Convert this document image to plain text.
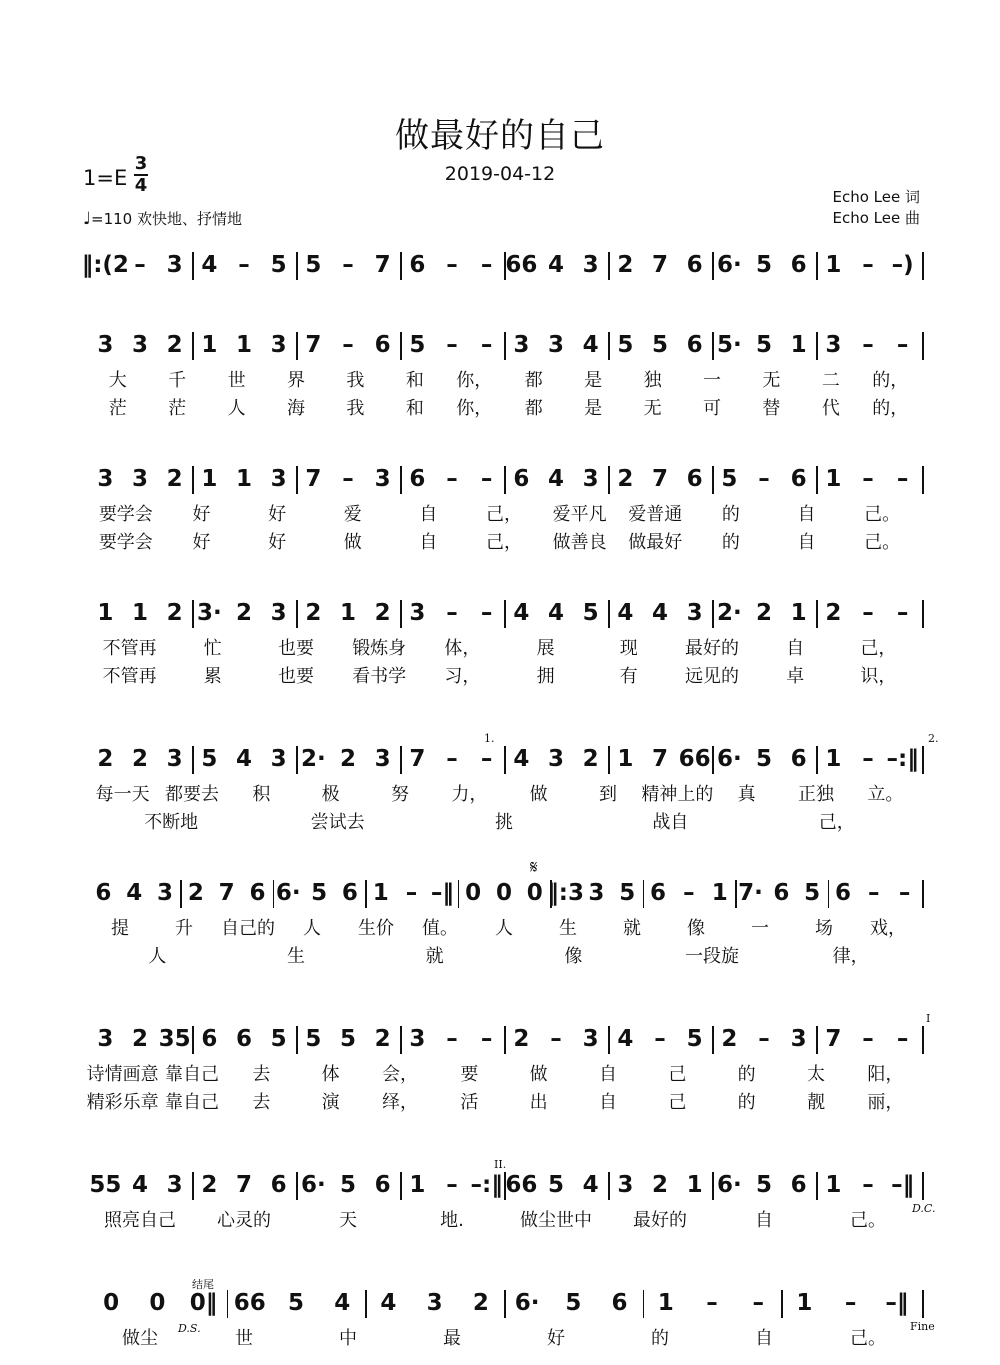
做最好的自己
2019-04-12
1=E
3
4
♩=110 欢快地、抒情地
Echo Lee 词
Echo Lee 曲
‖:(2 – 3 4 – 5 5 – 7 6 – – 66 4 3 2 7 6 6· 5 6 1 – –)
3 3 2 1 1 3 7 – 6 5 – – 3 3 4 5 5 6 5· 5 1 3 – –
大 千 世 界 我 和 你， 都 是 独 一 无 二 的，
茫 茫 人 海 我 和 你， 都 是 无 可 替 代 的，
3 3 2 1 1 3 7 – 3 6 – – 6 4 3 2 7 6 5 – 6 1 – –
要学会 好	好	爱	自	己， 爱平凡 爱普通 的	自	己。
要学会 好	好	做	自	己， 做善良 做最好 的	自	己。
1 1 2 3· 2 3 2 1 2 3 – – 4 4 5 4 4 3 2· 2 1 2 – –
不管再	忙	也要 锻炼身 体，	展	现	最好的	自	己，
不管再	累	也要 看书学 习，	拥	有	远见的	卓	识，
2 2 3 5 4 3 2· 2 3 7 – – 4 3 2 1 7 66 6· 5 6 1 – –:‖
每一天 都要去 积	极	努 力， 做	到 精神上的 真 正独 立。
不断地	尝试去	挑	战自	己，
6 4 3 2 7 6 6· 5 6 1 – –‖ 0 0 0 ‖:3 3 5 6 – 1 7· 6 5 6 – –
提	升 自己的 人 生价 值。 人	生	就	像	一	场 戏，
人	生	就	像	一段旋	律，
3 2 35 6 6 5 5 5 2 3 – – 2 – 3 4 – 5 2 – 3 7 – –
诗情画意 靠自己 去	体 会， 要	做	自	己	的	太 阳，
精彩乐章 靠自己 去	演 绎， 活	出	自	己	的	靓 丽，
55 4 3 2 7 6 6· 5 6 1 – –:‖ 66 5 4 3 2 1 6· 5 6 1 – –‖
照亮自己 心灵的	天	地.	做尘世中 最好的	自	己。
0 0 0‖ 66 5 4 4 3 2 6· 5 6 1 – – 1 – –‖
做尘	世	中	最	好	的	自	己。
1.	2.
I
II.
结尾
D.S.
D.C.
Fine
𝄋
